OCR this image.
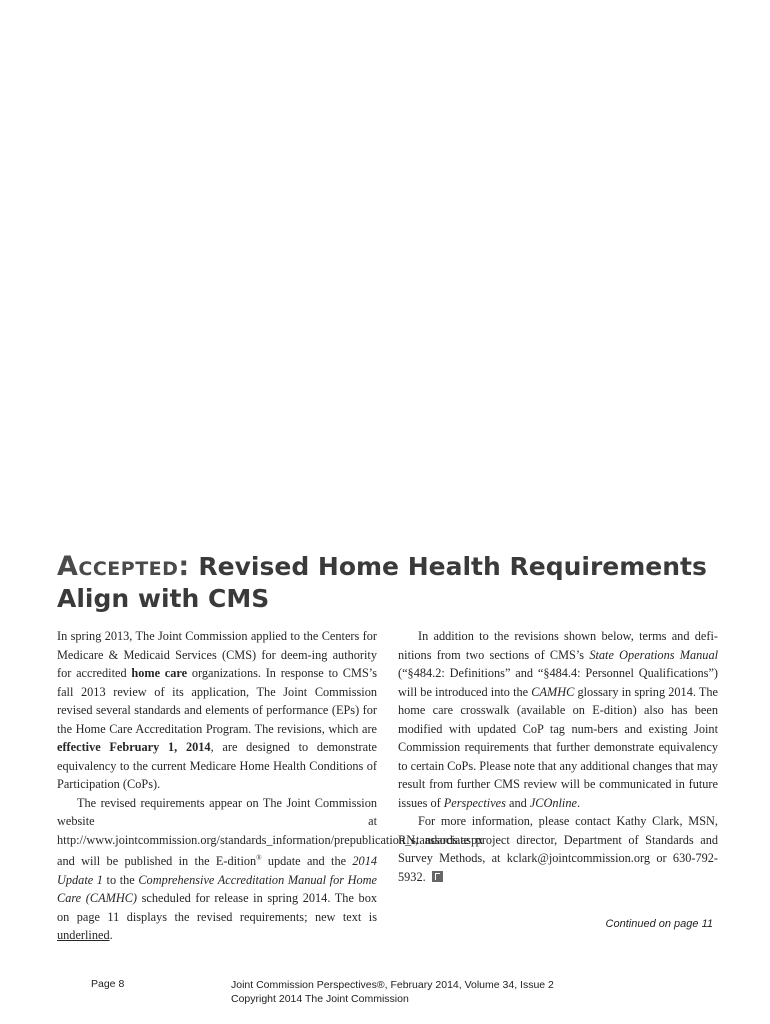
Accepted: Revised Home Health Requirements Align with CMS

In spring 2013, The Joint Commission applied to the Centers for Medicare & Medicaid Services (CMS) for deem-ing authority for accredited home care organizations. In response to CMS’s fall 2013 review of its application, The Joint Commission revised several standards and elements of performance (EPs) for the Home Care Accreditation Program. The revisions, which are effective February 1, 2014, are designed to demonstrate equivalency to the current Medicare Home Health Conditions of Participation (CoPs).

The revised requirements appear on The Joint Commission website at http://www.jointcommission.org/standards_information/prepublication_standards.aspx and will be published in the E-dition® update and the 2014 Update 1 to the Comprehensive Accreditation Manual for Home Care (CAMHC) scheduled for release in spring 2014. The box on page 11 displays the revised requirements; new text is underlined.

In addition to the revisions shown below, terms and defi-nitions from two sections of CMS’s State Operations Manual (“§484.2: Definitions” and “§484.4: Personnel Qualifications”) will be introduced into the CAMHC glossary in spring 2014. The home care crosswalk (available on E-dition) also has been modified with updated CoP tag num-bers and existing Joint Commission requirements that further demonstrate equivalency to certain CoPs. Please note that any additional changes that may result from further CMS review will be communicated in future issues of Perspectives and JCOnline.

For more information, please contact Kathy Clark, MSN, RN, associate project director, Department of Standards and Survey Methods, at kclark@jointcommission.org or 630-792-5932.

Continued on page 11
Page 8	Joint Commission Perspectives®, February 2014, Volume 34, Issue 2
Copyright 2014 The Joint Commission
